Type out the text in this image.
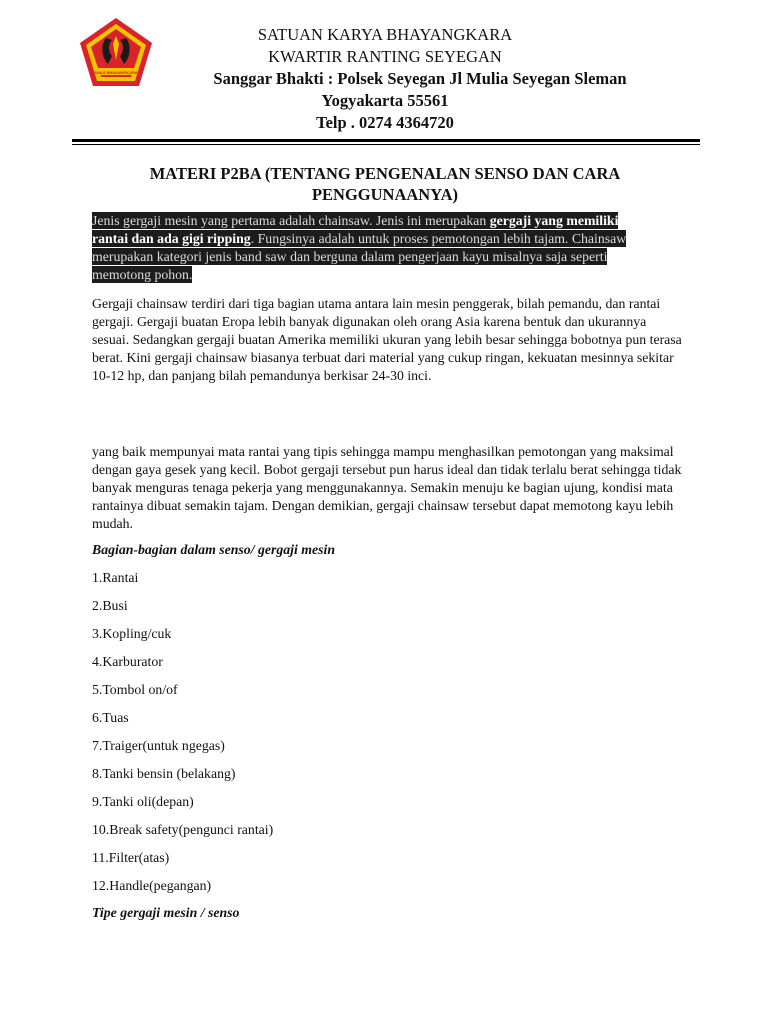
SAKA BHAYANGKARA
SATUAN KARYA BHAYANGKARA
KWARTIR RANTING SEYEGAN
Sanggar Bhakti : Polsek Seyegan Jl Mulia Seyegan Sleman
Yogyakarta 55561
Telp . 0274 4364720
MATERI P2BA (TENTANG PENGENALAN SENSO DAN CARA PENGGUNAANYA)
Jenis gergaji mesin yang pertama adalah chainsaw. Jenis ini merupakan gergaji yang memiliki rantai dan ada gigi ripping. Fungsinya adalah untuk proses pemotongan lebih tajam. Chainsaw merupakan kategori jenis band saw dan berguna dalam pengerjaan kayu misalnya saja seperti memotong pohon.
Gergaji chainsaw terdiri dari tiga bagian utama antara lain mesin penggerak, bilah pemandu, dan rantai gergaji. Gergaji buatan Eropa lebih banyak digunakan oleh orang Asia karena bentuk dan ukurannya sesuai. Sedangkan gergaji buatan Amerika memiliki ukuran yang lebih besar sehingga bobotnya pun terasa berat. Kini gergaji chainsaw biasanya terbuat dari material yang cukup ringan, kekuatan mesinnya sekitar 10-12 hp, dan panjang bilah pemandunya berkisar 24-30 inci.
yang baik mempunyai mata rantai yang tipis sehingga mampu menghasilkan pemotongan yang maksimal dengan gaya gesek yang kecil. Bobot gergaji tersebut pun harus ideal dan tidak terlalu berat sehingga tidak banyak menguras tenaga pekerja yang menggunakannya. Semakin menuju ke bagian ujung, kondisi mata rantainya dibuat semakin tajam. Dengan demikian, gergaji chainsaw tersebut dapat memotong kayu lebih mudah.
Bagian-bagian dalam senso/ gergaji mesin
1.Rantai
2.Busi
3.Kopling/cuk
4.Karburator
5.Tombol on/of
6.Tuas
7.Traiger(untuk ngegas)
8.Tanki bensin (belakang)
9.Tanki oli(depan)
10.Break safety(pengunci rantai)
11.Filter(atas)
12.Handle(pegangan)
Tipe gergaji mesin / senso
